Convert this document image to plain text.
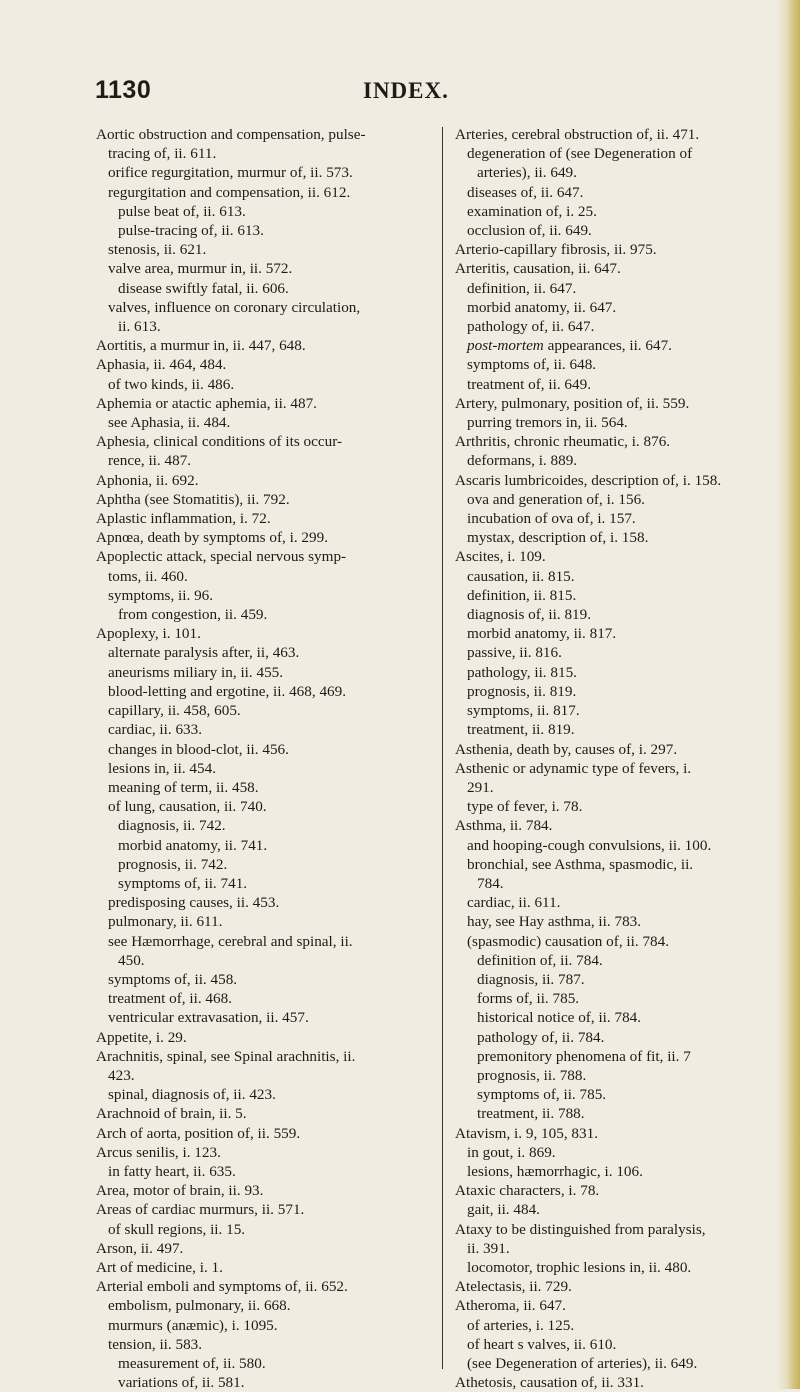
1130	INDEX.

Aortic obstruction and compensation, pulse-

tracing of, ii. 611.

orifice regurgitation, murmur of, ii. 573.

regurgitation and compensation, ii. 612.

pulse beat of, ii. 613.

pulse-tracing of, ii. 613.

stenosis, ii. 621.

valve area, murmur in, ii. 572.

disease swiftly fatal, ii. 606.

valves, influence on coronary circulation,

ii. 613.

Aortitis, a murmur in, ii. 447, 648.

Aphasia, ii. 464, 484.

of two kinds, ii. 486.

Aphemia or atactic aphemia, ii. 487.

see Aphasia, ii. 484.

Aphesia, clinical conditions of its occur-

rence, ii. 487.

Aphonia, ii. 692.

Aphtha (see Stomatitis), ii. 792.

Aplastic inflammation, i. 72.

Apnœa, death by symptoms of, i. 299.

Apoplectic attack, special nervous symp-

toms, ii. 460.

symptoms, ii. 96.

from congestion, ii. 459.

Apoplexy, i. 101.

alternate paralysis after, ii, 463.

aneurisms miliary in, ii. 455.

blood-letting and ergotine, ii. 468, 469.

capillary, ii. 458, 605.

cardiac, ii. 633.

changes in blood-clot, ii. 456.

lesions in, ii. 454.

meaning of term, ii. 458.

of lung, causation, ii. 740.

diagnosis, ii. 742.

morbid anatomy, ii. 741.

prognosis, ii. 742.

symptoms of, ii. 741.

predisposing causes, ii. 453.

pulmonary, ii. 611.

see Hæmorrhage, cerebral and spinal, ii.

450.

symptoms of, ii. 458.

treatment of, ii. 468.

ventricular extravasation, ii. 457.

Appetite, i. 29.

Arachnitis, spinal, see Spinal arachnitis, ii.

423.

spinal, diagnosis of, ii. 423.

Arachnoid of brain, ii. 5.

Arch of aorta, position of, ii. 559.

Arcus senilis, i. 123.

in fatty heart, ii. 635.

Area, motor of brain, ii. 93.

Areas of cardiac murmurs, ii. 571.

of skull regions, ii. 15.

Arson, ii. 497.

Art of medicine, i. 1.

Arterial emboli and symptoms of, ii. 652.

embolism, pulmonary, ii. 668.

murmurs (anæmic), i. 1095.

tension, ii. 583.

measurement of, ii. 580.

variations of, ii. 581.

Arteries, cerebral obstruction of, ii. 471.

degeneration of (see Degeneration of

arteries), ii. 649.

diseases of, ii. 647.

examination of, i. 25.

occlusion of, ii. 649.

Arterio-capillary fibrosis, ii. 975.

Arteritis, causation, ii. 647.

definition, ii. 647.

morbid anatomy, ii. 647.

pathology of, ii. 647.

post-mortem appearances, ii. 647.

symptoms of, ii. 648.

treatment of, ii. 649.

Artery, pulmonary, position of, ii. 559.

purring tremors in, ii. 564.

Arthritis, chronic rheumatic, i. 876.

deformans, i. 889.

Ascaris lumbricoides, description of, i. 158.

ova and generation of, i. 156.

incubation of ova of, i. 157.

mystax, description of, i. 158.

Ascites, i. 109.

causation, ii. 815.

definition, ii. 815.

diagnosis of, ii. 819.

morbid anatomy, ii. 817.

passive, ii. 816.

pathology, ii. 815.

prognosis, ii. 819.

symptoms, ii. 817.

treatment, ii. 819.

Asthenia, death by, causes of, i. 297.

Asthenic or adynamic type of fevers, i.

291.

type of fever, i. 78.

Asthma, ii. 784.

and hooping-cough convulsions, ii. 100.

bronchial, see Asthma, spasmodic, ii.

784.

cardiac, ii. 611.

hay, see Hay asthma, ii. 783.

(spasmodic) causation of, ii. 784.

definition of, ii. 784.

diagnosis, ii. 787.

forms of, ii. 785.

historical notice of, ii. 784.

pathology of, ii. 784.

premonitory phenomena of fit, ii. 7

prognosis, ii. 788.

symptoms of, ii. 785.

treatment, ii. 788.

Atavism, i. 9, 105, 831.

in gout, i. 869.

lesions, hæmorrhagic, i. 106.

Ataxic characters, i. 78.

gait, ii. 484.

Ataxy to be distinguished from paralysis,

ii. 391.

locomotor, trophic lesions in, ii. 480.

Atelectasis, ii. 729.

Atheroma, ii. 647.

of arteries, i. 125.

of heart s valves, ii. 610.

(see Degeneration of arteries), ii. 649.

Athetosis, causation of, ii. 331.
